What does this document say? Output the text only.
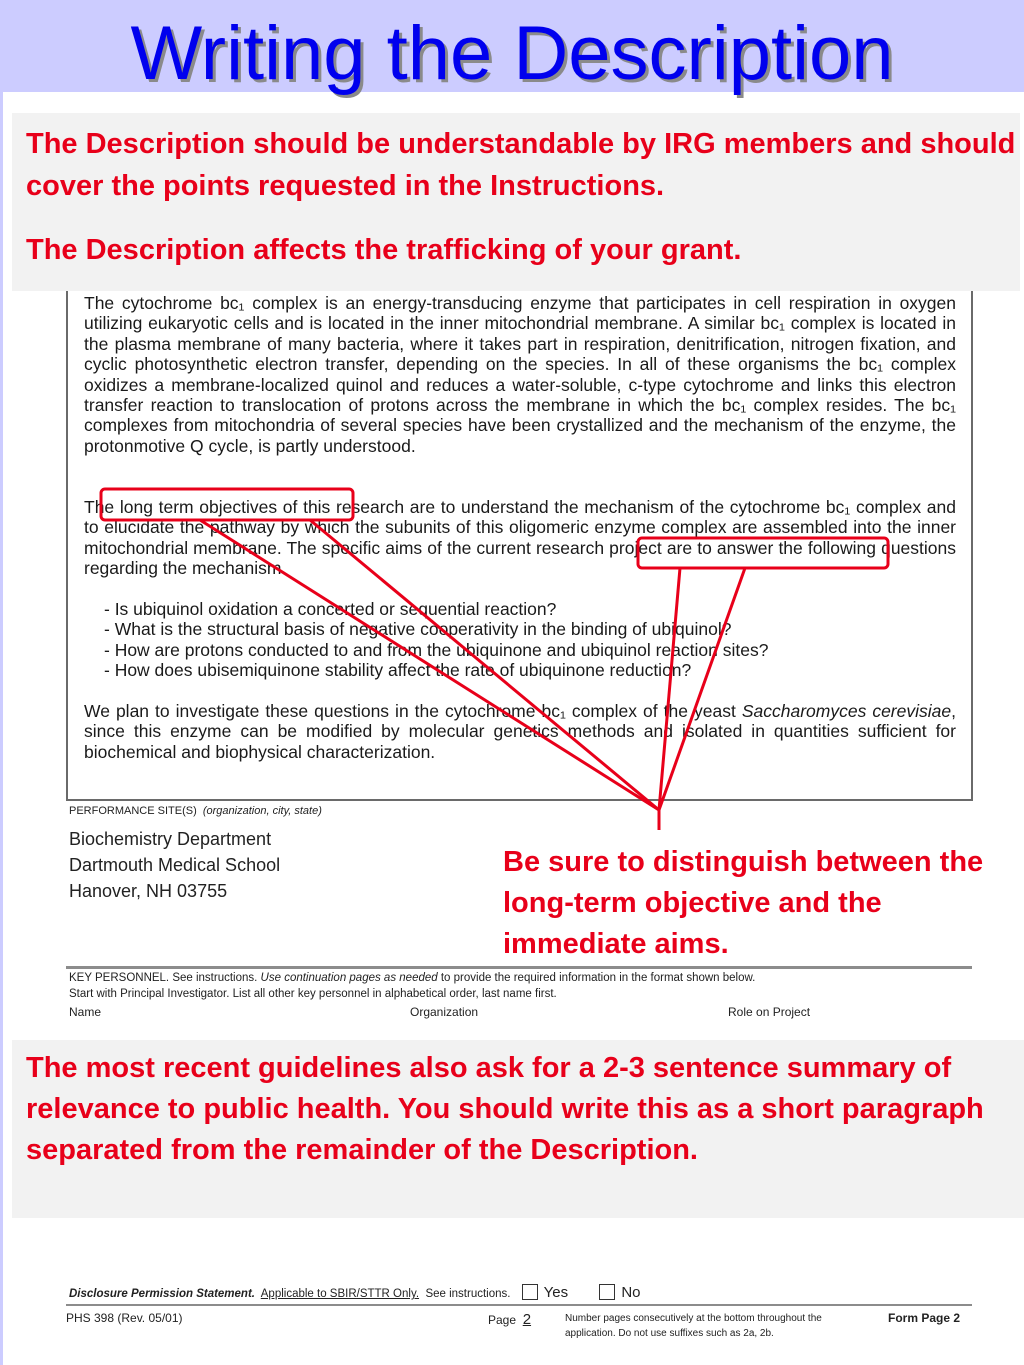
Writing the Description

The cytochrome bc₁ complex is an energy-transducing enzyme that participates in cell respiration in oxygen utilizing eukaryotic cells and is located in the inner mitochondrial membrane. A similar bc₁ complex is located in the plasma membrane of many bacteria, where it takes part in respiration, denitrification, nitrogen fixation, and cyclic photosynthetic electron transfer, depending on the species. In all of these organisms the bc₁ complex oxidizes a membrane-localized quinol and reduces a water-soluble, c-type cytochrome and links this electron transfer reaction to translocation of protons across the membrane in which the bc₁ complex resides. The bc₁ complexes from mitochondria of several species have been crystallized and the mechanism of the enzyme, the protonmotive Q cycle, is partly understood.

The long term objectives of this research are to understand the mechanism of the cytochrome bc₁ complex and to elucidate the pathway by which the subunits of this oligomeric enzyme complex are assembled into the inner mitochondrial membrane. The specific aims of the current research project are to answer the following questions regarding the mechanism.

- Is ubiquinol oxidation a concerted or sequential reaction?
- What is the structural basis of negative cooperativity in the binding of ubiquinol?
- How are protons conducted to and from the ubiquinone and ubiquinol reaction sites?
- How does ubisemiquinone stability affect the rate of ubiquinone reduction?

We plan to investigate these questions in the cytochrome bc₁ complex of the yeast Saccharomyces cerevisiae, since this enzyme can be modified by molecular genetics methods and isolated in quantities sufficient for biochemical and biophysical characterization.

PERFORMANCE SITE(S) (organization, city, state)
Biochemistry Department
Dartmouth Medical School
Hanover, NH 03755
KEY PERSONNEL. See instructions. Use continuation pages as needed to provide the required information in the format shown below.
Start with Principal Investigator. List all other key personnel in alphabetical order, last name first.
Name	Organization	Role on Project
Disclosure Permission Statement. Applicable to SBIR/STTR Only. See instructions. Yes	No
PHS 398 (Rev. 05/01)	Page 2	Number pages consecutively at the bottom throughout the application. Do not use suffixes such as 2a, 2b.
Form Page 2

The Description should be understandable by IRG members and should cover the points requested in the Instructions.

The Description affects the trafficking of your grant.

Be sure to distinguish between the long-term objective and the immediate aims.

The most recent guidelines also ask for a 2-3 sentence summary of relevance to public health. You should write this as a short paragraph separated from the remainder of the Description.
